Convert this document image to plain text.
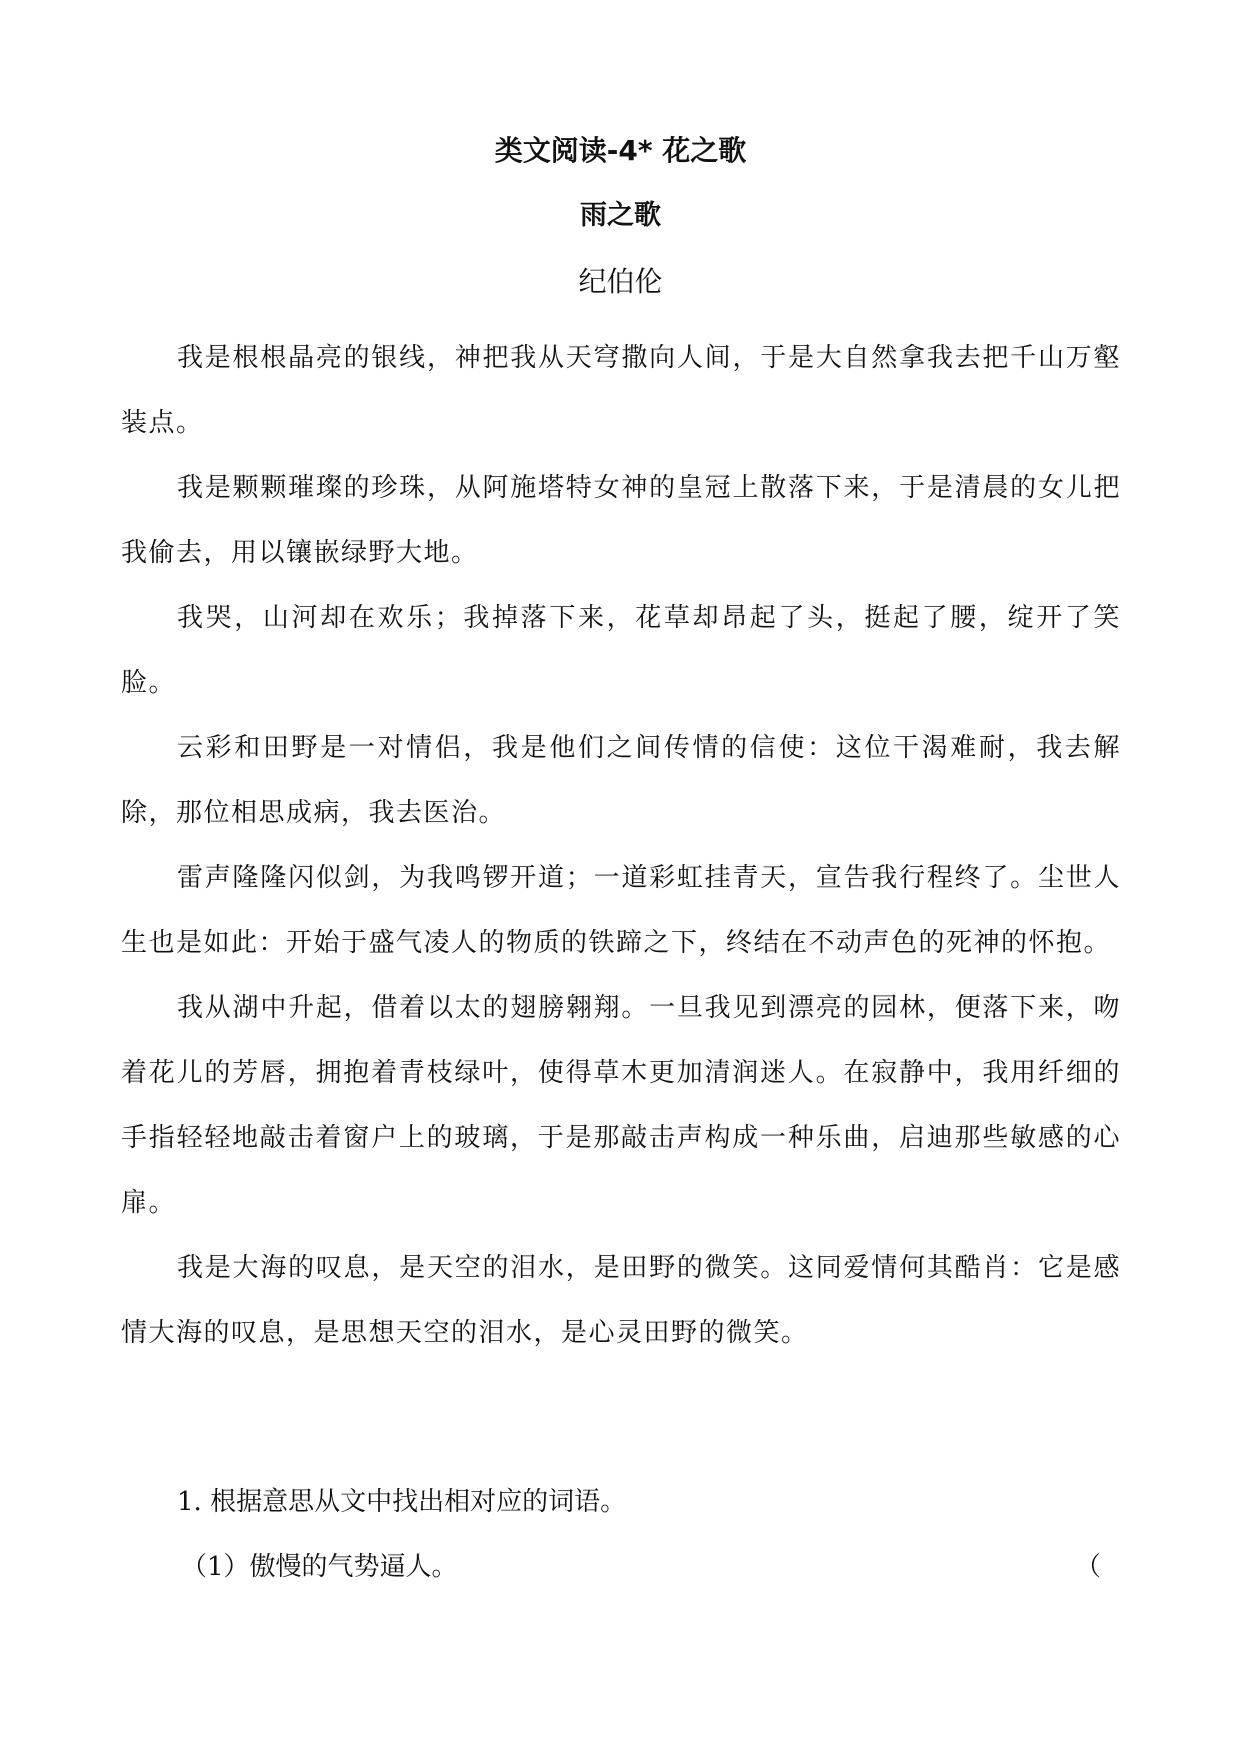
类文阅读-4* 花之歌
雨之歌
纪伯伦

我是根根晶亮的银线，神把我从天穹撒向人间，于是大自然拿我去把千山万壑装点。

我是颗颗璀璨的珍珠，从阿施塔特女神的皇冠上散落下来，于是清晨的女儿把我偷去，用以镶嵌绿野大地。

我哭，山河却在欢乐；我掉落下来，花草却昂起了头，挺起了腰，绽开了笑脸。

云彩和田野是一对情侣，我是他们之间传情的信使：这位干渴难耐，我去解除，那位相思成病，我去医治。

雷声隆隆闪似剑，为我鸣锣开道；一道彩虹挂青天，宣告我行程终了。尘世人生也是如此：开始于盛气凌人的物质的铁蹄之下，终结在不动声色的死神的怀抱。

我从湖中升起，借着以太的翅膀翱翔。一旦我见到漂亮的园林，便落下来，吻着花儿的芳唇，拥抱着青枝绿叶，使得草木更加清润迷人。在寂静中，我用纤细的手指轻轻地敲击着窗户上的玻璃，于是那敲击声构成一种乐曲，启迪那些敏感的心扉。

我是大海的叹息，是天空的泪水，是田野的微笑。这同爱情何其酷肖：它是感情大海的叹息，是思想天空的泪水，是心灵田野的微笑。

1. 根据意思从文中找出相对应的词语。

（1）傲慢的气势逼人。	（
